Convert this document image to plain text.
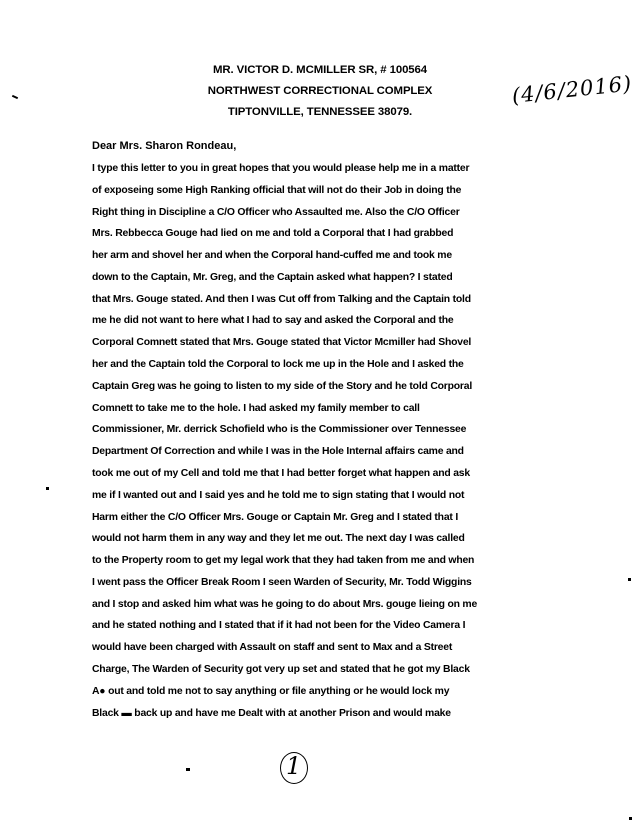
MR. VICTOR D. MCMILLER SR, # 100564
NORTHWEST CORRECTIONAL COMPLEX
TIPTONVILLE, TENNESSEE 38079.
(4/6/2016)
Dear Mrs. Sharon Rondeau,
I type this letter to you in great hopes that you would please help me in a matter
of exposeing some High Ranking official that will not do their Job in doing the
Right thing in Discipline a C/O Officer who Assaulted me. Also the C/O Officer
Mrs. Rebbecca Gouge had lied on me and told a Corporal that I had grabbed
her arm and shovel her and when the Corporal hand-cuffed me and took me
down to the Captain, Mr. Greg, and the Captain asked what happen? I stated
that Mrs. Gouge stated. And then I was Cut off from Talking and the Captain told
me he did not want to here what I had to say and asked the Corporal and the
Corporal Comnett stated that Mrs. Gouge stated that Victor Mcmiller had Shovel
her and the Captain told the Corporal to lock me up in the Hole and I asked the
Captain Greg was he going to listen to my side of the Story and he told Corporal
Comnett to take me to the hole. I had asked my family member to call
Commissioner, Mr. derrick Schofield who is the Commissioner over Tennessee
Department Of Correction and while I was in the Hole Internal affairs came and
took me out of my Cell and told me that I had better forget what happen and ask
me if I wanted out and I said yes and he told me to sign stating that I would not
Harm either the C/O Officer Mrs. Gouge or Captain Mr. Greg and I stated that I
would not harm them in any way and they let me out. The next day I was called
to the Property room to get my legal work that they had taken from me and when
I went pass the Officer Break Room I seen Warden of Security, Mr. Todd Wiggins
and I stop and asked him what was he going to do about Mrs. gouge lieing on me
and he stated nothing and I stated that if it had not been for the Video Camera I
would have been charged with Assault on staff and sent to Max and a Street
Charge, The Warden of Security got very up set and stated that he got my Black
A● out and told me not to say anything or file anything or he would lock my
Black ▬ back up and have me Dealt with at another Prison and would make
1
